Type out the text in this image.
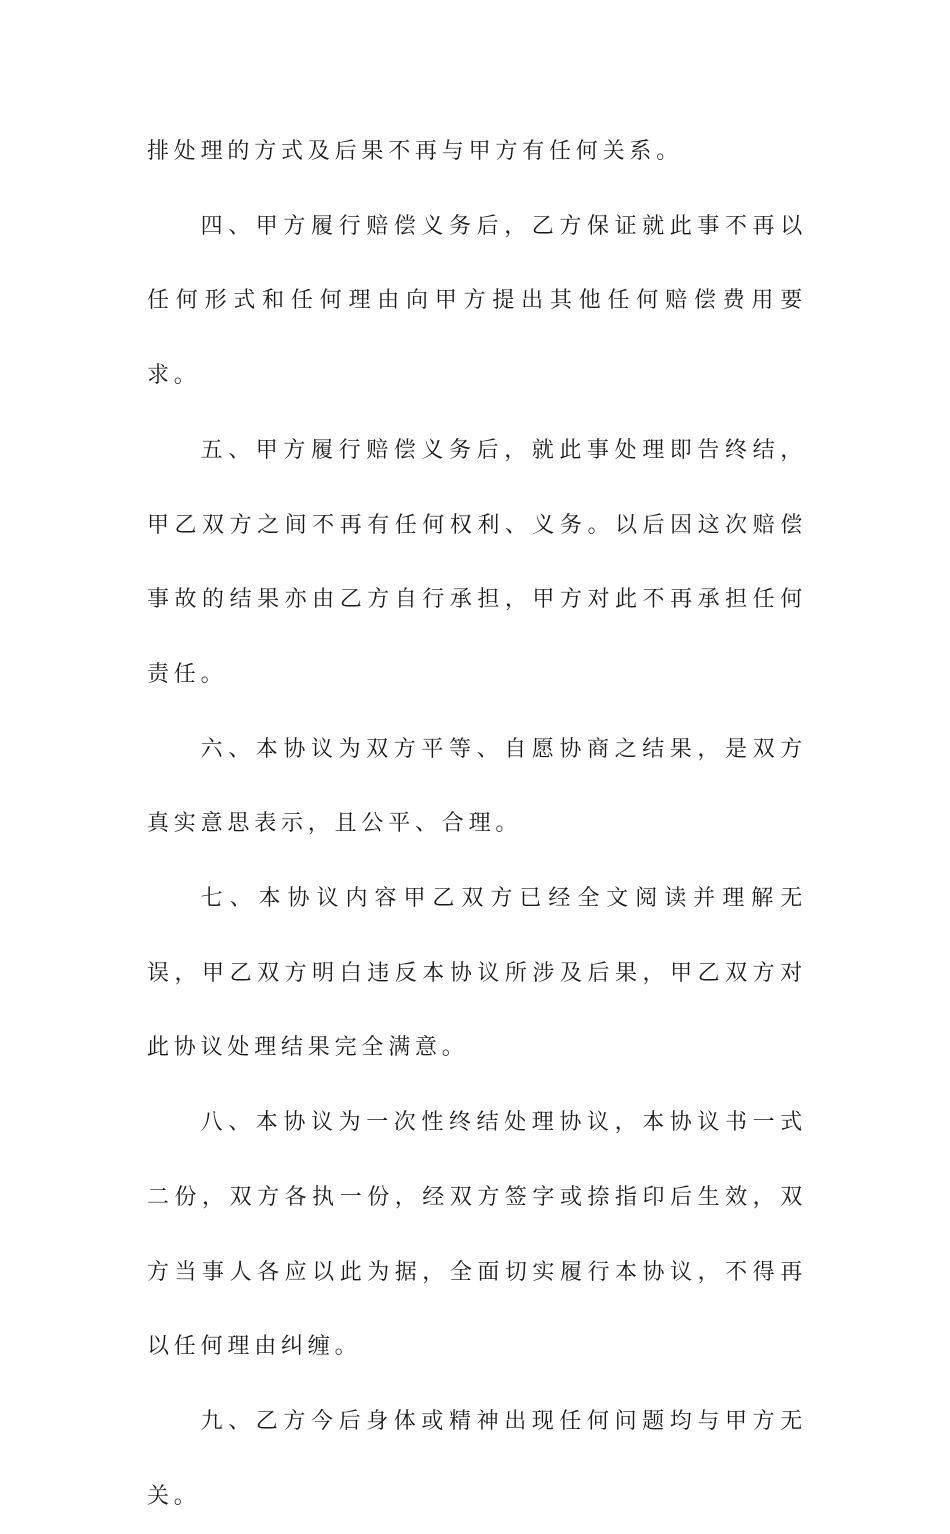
排处理的方式及后果不再与甲方有任何关系。

四、甲方履行赔偿义务后，乙方保证就此事不再以任何形式和任何理由向甲方提出其他任何赔偿费用要求。

五、甲方履行赔偿义务后，就此事处理即告终结，甲乙双方之间不再有任何权利、义务。以后因这次赔偿事故的结果亦由乙方自行承担，甲方对此不再承担任何责任。

六、本协议为双方平等、自愿协商之结果，是双方真实意思表示，且公平、合理。

七、本协议内容甲乙双方已经全文阅读并理解无误，甲乙双方明白违反本协议所涉及后果，甲乙双方对此协议处理结果完全满意。

八、本协议为一次性终结处理协议，本协议书一式二份，双方各执一份，经双方签字或捺指印后生效，双方当事人各应以此为据，全面切实履行本协议，不得再以任何理由纠缠。

九、乙方今后身体或精神出现任何问题均与甲方无关。
